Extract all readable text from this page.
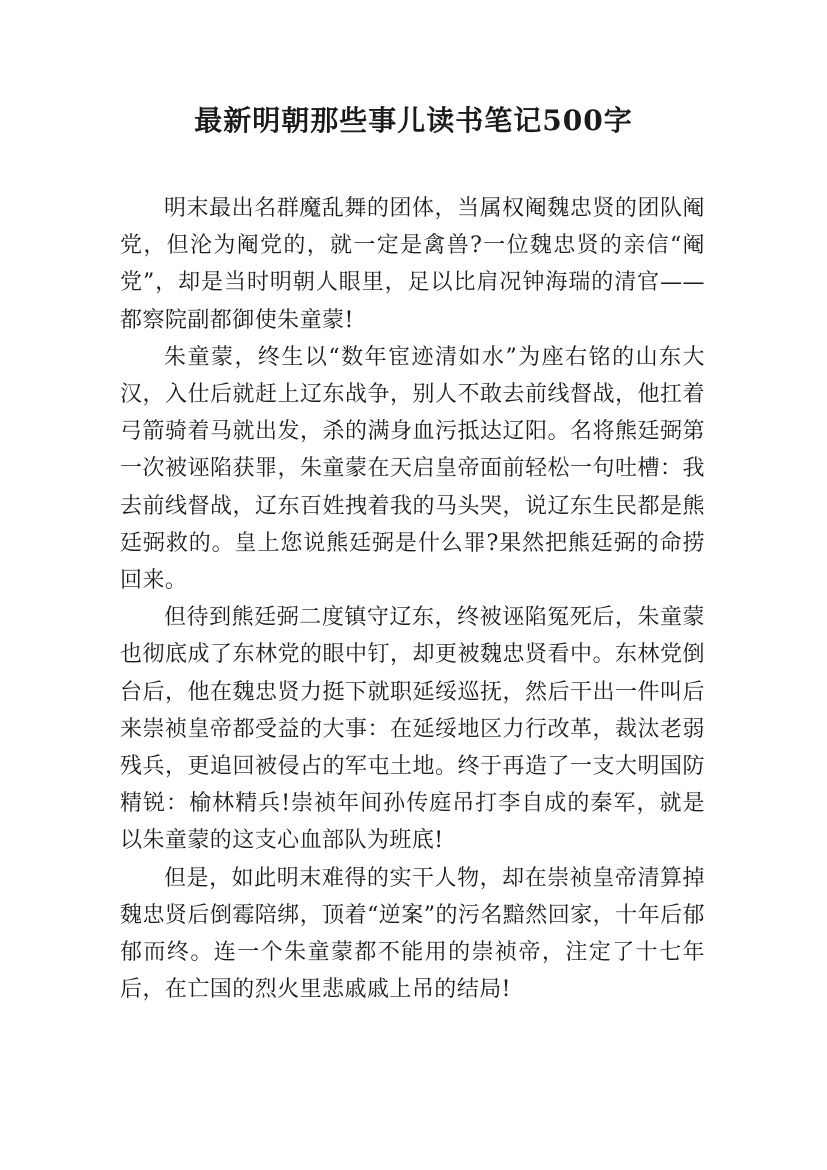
最新明朝那些事儿读书笔记500字

明末最出名群魔乱舞的团体，当属权阉魏忠贤的团队阉党，但沦为阉党的，就一定是禽兽?一位魏忠贤的亲信“阉党”，却是当时明朝人眼里，足以比肩况钟海瑞的清官——都察院副都御使朱童蒙!

朱童蒙，终生以“数年宦迹清如水”为座右铭的山东大汉，入仕后就赶上辽东战争，别人不敢去前线督战，他扛着弓箭骑着马就出发，杀的满身血污抵达辽阳。名将熊廷弼第一次被诬陷获罪，朱童蒙在天启皇帝面前轻松一句吐槽：我去前线督战，辽东百姓拽着我的马头哭，说辽东生民都是熊廷弼救的。皇上您说熊廷弼是什么罪?果然把熊廷弼的命捞回来。

但待到熊廷弼二度镇守辽东，终被诬陷冤死后，朱童蒙也彻底成了东林党的眼中钉，却更被魏忠贤看中。东林党倒台后，他在魏忠贤力挺下就职延绥巡抚，然后干出一件叫后来崇祯皇帝都受益的大事：在延绥地区力行改革，裁汰老弱残兵，更追回被侵占的军屯土地。终于再造了一支大明国防精锐：榆林精兵!崇祯年间孙传庭吊打李自成的秦军，就是以朱童蒙的这支心血部队为班底!

但是，如此明末难得的实干人物，却在崇祯皇帝清算掉魏忠贤后倒霉陪绑，顶着“逆案”的污名黯然回家，十年后郁郁而终。连一个朱童蒙都不能用的崇祯帝，注定了十七年后，在亡国的烈火里悲戚戚上吊的结局!
